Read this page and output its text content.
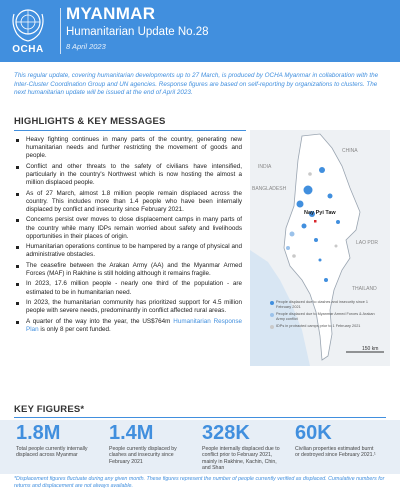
OCHA
MYANMAR
Humanitarian Update No.28
8 April 2023
This regular update, covering humanitarian developments up to 27 March, is produced by OCHA Myanmar in collaboration with the Inter-Cluster Coordination Group and UN agencies. Response figures are based on self-reporting by organizations to clusters. The next humanitarian update will be issued at the end of April 2023.
HIGHLIGHTS & KEY MESSAGES
Heavy fighting continues in many parts of the country, generating new humanitarian needs and further restricting the movement of goods and people.
Conflict and other threats to the safety of civilians have intensified, particularly in the country's Northwest which is now hosting the almost a million displaced people.
As of 27 March, almost 1.8 million people remain displaced across the country. This includes more than 1.4 people who have been internally displaced by conflict and insecurity since February 2021.
Concerns persist over moves to close displacement camps in many parts of the country while many IDPs remain worried about safety and livelihoods opportunities in their places of origin.
Humanitarian operations continue to be hampered by a range of physical and administrative obstacles.
The ceasefire between the Arakan Army (AA) and the Myanmar Armed Forces (MAF) in Rakhine is still holding although it remains fragile.
In 2023, 17.6 million people - nearly one third of the population - are estimated to be in humanitarian need.
In 2023, the humanitarian community has prioritized support for 4.5 million people with severe needs, predominantly in conflict affected rural areas.
A quarter of the way into the year, the US$764m Humanitarian Response Plan is only 8 per cent funded.
CHINA
INDIA
BANGLADESH
LAO PDR
THAILAND
Nay Pyi Taw
People displaced due to clashes and insecurity since 1 February 2021
People displaced due to Myanmar Armed Forces & Arakan Army conflict
IDPs in protracted camps prior to 1 February 2021
150 km
KEY FIGURES*
1.8M
Total people currently internally displaced across Myanmar
1.4M
People currently displaced by clashes and insecurity since February 2021
328K
People internally displaced due to conflict prior to February 2021, mainly in Rakhine, Kachin, Chin, and Shan
60K
Civilian properties estimated burnt or destroyed since February 2021.¹
*Displacement figures fluctuate during any given month. These figures represent the number of people currently verified as displaced. Cumulative numbers for returns and displacement are not always available.
